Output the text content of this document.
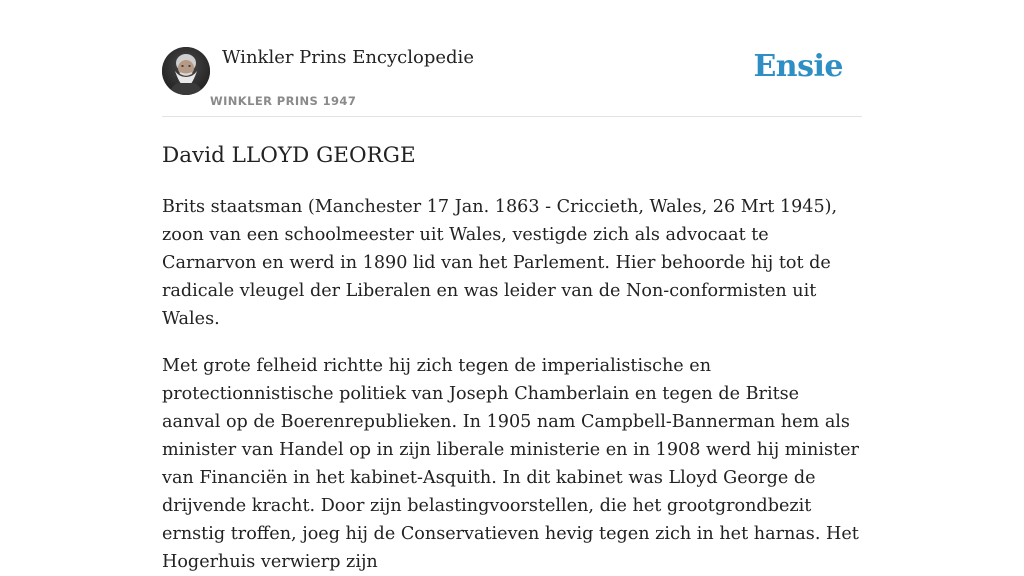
Winkler Prins Encyclopedie
WINKLER PRINS 1947
Ensie
David LLOYD GEORGE

Brits staatsman (Manchester 17 Jan. 1863 - Criccieth, Wales, 26 Mrt 1945), zoon van een schoolmeester uit Wales, vestigde zich als advocaat te Carnarvon en werd in 1890 lid van het Parlement. Hier behoorde hij tot de radicale vleugel der Liberalen en was leider van de Non-conformisten uit Wales.

Met grote felheid richtte hij zich tegen de imperialistische en protectionnistische politiek van Joseph Chamberlain en tegen de Britse aanval op de Boerenrepublieken. In 1905 nam Campbell-Bannerman hem als minister van Handel op in zijn liberale ministerie en in 1908 werd hij minister van Financiën in het kabinet-Asquith. In dit kabinet was Lloyd George de drijvende kracht. Door zijn belastingvoorstellen, die het grootgrondbezit ernstig troffen, joeg hij de Conservatieven hevig tegen zich in het harnas. Het Hogerhuis verwierp zijn
